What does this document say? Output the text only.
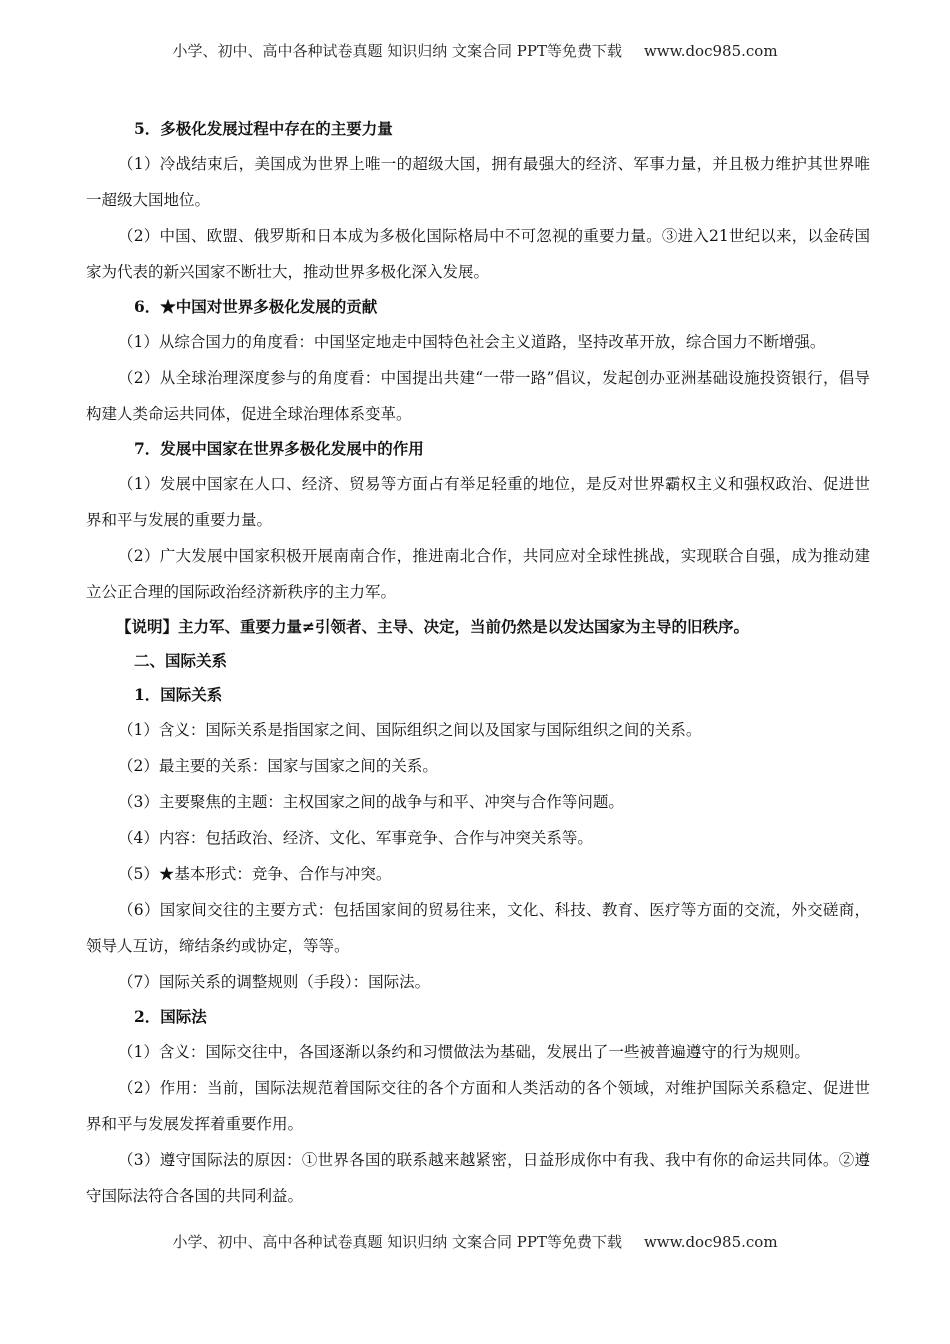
小学、初中、高中各种试卷真题 知识归纳 文案合同 PPT等免费下载 www.doc985.com
5．多极化发展过程中存在的主要力量
（1）冷战结束后，美国成为世界上唯一的超级大国，拥有最强大的经济、军事力量，并且极力维护其世界唯一超级大国地位。
（2）中国、欧盟、俄罗斯和日本成为多极化国际格局中不可忽视的重要力量。③进入21世纪以来，以金砖国家为代表的新兴国家不断壮大，推动世界多极化深入发展。
6．★中国对世界多极化发展的贡献
（1）从综合国力的角度看：中国坚定地走中国特色社会主义道路，坚持改革开放，综合国力不断增强。
（2）从全球治理深度参与的角度看：中国提出共建“一带一路”倡议，发起创办亚洲基础设施投资银行，倡导构建人类命运共同体，促进全球治理体系变革。
7．发展中国家在世界多极化发展中的作用
（1）发展中国家在人口、经济、贸易等方面占有举足轻重的地位，是反对世界霸权主义和强权政治、促进世界和平与发展的重要力量。
（2）广大发展中国家积极开展南南合作，推进南北合作，共同应对全球性挑战，实现联合自强，成为推动建立公正合理的国际政治经济新秩序的主力军。
【说明】主力军、重要力量≠引领者、主导、决定，当前仍然是以发达国家为主导的旧秩序。
二、国际关系
1．国际关系
（1）含义：国际关系是指国家之间、国际组织之间以及国家与国际组织之间的关系。
（2）最主要的关系：国家与国家之间的关系。
（3）主要聚焦的主题：主权国家之间的战争与和平、冲突与合作等问题。
（4）内容：包括政治、经济、文化、军事竞争、合作与冲突关系等。
（5）★基本形式：竞争、合作与冲突。
（6）国家间交往的主要方式：包括国家间的贸易往来，文化、科技、教育、医疗等方面的交流，外交磋商，领导人互访，缔结条约或协定，等等。
（7）国际关系的调整规则（手段）：国际法。
2．国际法
（1）含义：国际交往中，各国逐渐以条约和习惯做法为基础，发展出了一些被普遍遵守的行为规则。
（2）作用：当前，国际法规范着国际交往的各个方面和人类活动的各个领域，对维护国际关系稳定、促进世界和平与发展发挥着重要作用。
（3）遵守国际法的原因：①世界各国的联系越来越紧密，日益形成你中有我、我中有你的命运共同体。②遵守国际法符合各国的共同利益。
小学、初中、高中各种试卷真题 知识归纳 文案合同 PPT等免费下载 www.doc985.com
